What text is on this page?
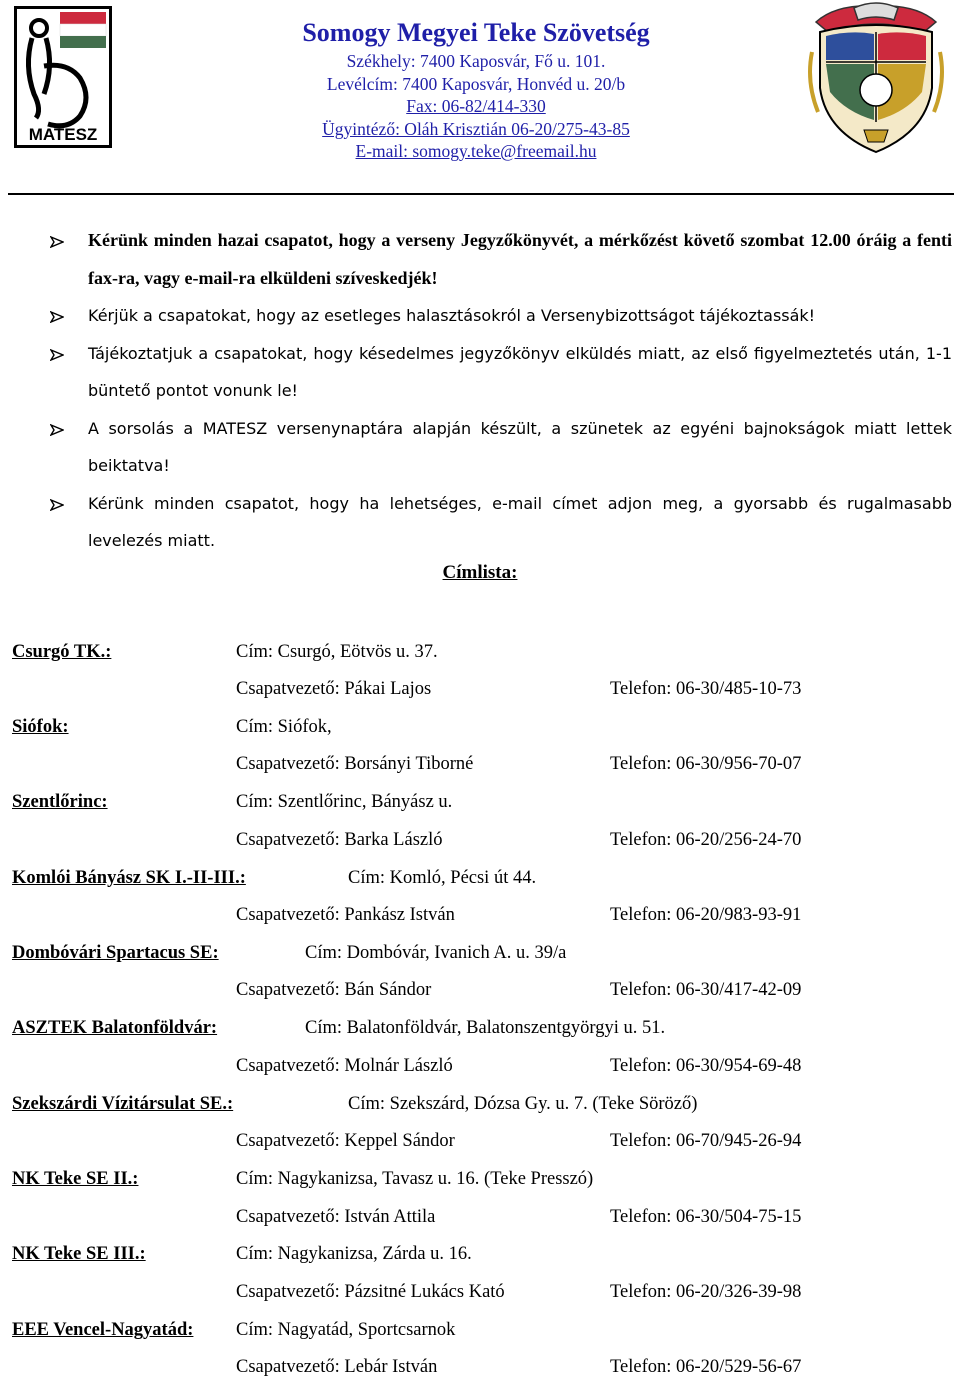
MATESZ
Somogy Megyei Teke Szövetség
Székhely: 7400 Kaposvár, Fő u. 101.
Levélcím: 7400 Kaposvár, Honvéd u. 20/b
Fax: 06-82/414-330
Ügyintéző: Oláh Krisztián 06-20/275-43-85
E-mail: somogy.teke@freemail.hu
Kérünk minden hazai csapatot, hogy a verseny Jegyzőkönyvét, a mérkőzést követő szombat 12.00 óráig a fenti fax-ra, vagy e-mail-ra elküldeni szíveskedjék!
Kérjük a csapatokat, hogy az esetleges halasztásokról a Versenybizottságot tájékoztassák!
Tájékoztatjuk a csapatokat, hogy késedelmes jegyzőkönyv elküldés miatt, az első figyelmeztetés után, 1-1 büntető pontot vonunk le!
A sorsolás a MATESZ versenynaptára alapján készült, a szünetek az egyéni bajnokságok miatt lettek beiktatva!
Kérünk minden csapatot, hogy ha lehetséges, e-mail címet adjon meg, a gyorsabb és rugalmasabb levelezés miatt.
Címlista:
Csurgó TK.:	Cím: Csurgó, Eötvös u. 37.
Csapatvezető: Pákai Lajos	Telefon: 06-30/485-10-73
Siófok:	Cím: Siófok,
Csapatvezető: Borsányi Tiborné	Telefon: 06-30/956-70-07
Szentlőrinc:	Cím: Szentlőrinc, Bányász u.
Csapatvezető: Barka László	Telefon: 06-20/256-24-70
Komlói Bányász SK I.-II-III.:	Cím: Komló, Pécsi út 44.
Csapatvezető: Pankász István	Telefon: 06-20/983-93-91
Dombóvári Spartacus SE:	Cím: Dombóvár, Ivanich A. u. 39/a
Csapatvezető: Bán Sándor	Telefon: 06-30/417-42-09
ASZTEK Balatonföldvár:	Cím: Balatonföldvár, Balatonszentgyörgyi u. 51.
Csapatvezető: Molnár László	Telefon: 06-30/954-69-48
Szekszárdi Vízitársulat SE.:	Cím: Szekszárd, Dózsa Gy. u. 7. (Teke Söröző)
Csapatvezető: Keppel Sándor	Telefon: 06-70/945-26-94
NK Teke SE II.:	Cím: Nagykanizsa, Tavasz u. 16. (Teke Presszó)
Csapatvezető: István Attila	Telefon: 06-30/504-75-15
NK Teke SE III.:	Cím: Nagykanizsa, Zárda u. 16.
Csapatvezető: Pázsitné Lukács Kató	Telefon: 06-20/326-39-98
EEE Vencel-Nagyatád: Cím: Nagyatád, Sportcsarnok
Csapatvezető: Lebár István	Telefon: 06-20/529-56-67
